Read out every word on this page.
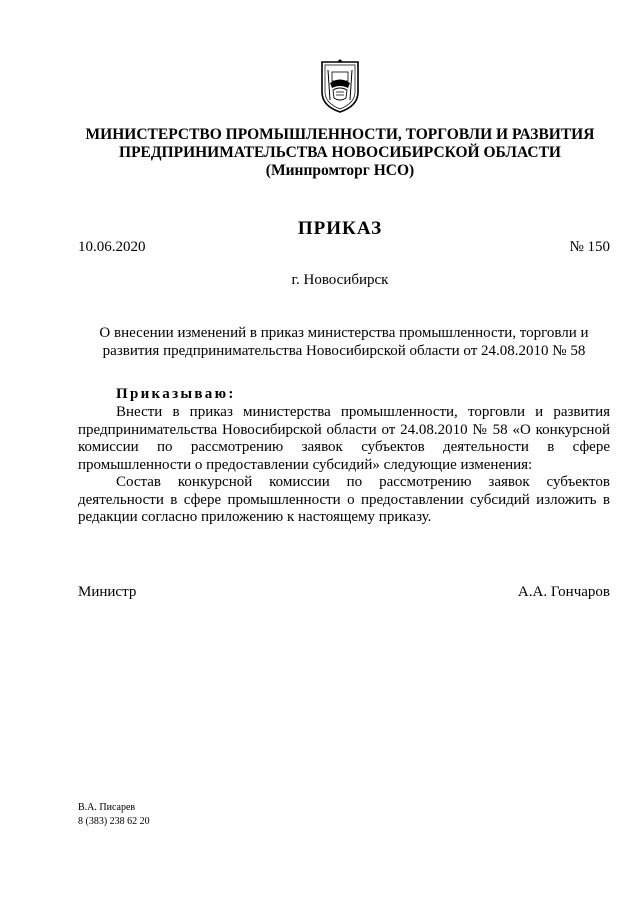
МИНИСТЕРСТВО ПРОМЫШЛЕННОСТИ, ТОРГОВЛИ И РАЗВИТИЯ
ПРЕДПРИНИМАТЕЛЬСТВА НОВОСИБИРСКОЙ ОБЛАСТИ
(Минпромторг НСО)
ПРИКАЗ
10.06.2020	№ 150
г. Новосибирск
О внесении изменений в приказ министерства промышленности, торговли и развития предпринимательства Новосибирской области от 24.08.2010 № 58
Приказываю:

Внести в приказ министерства промышленности, торговли и развития предпринимательства Новосибирской области от 24.08.2010 № 58 «О конкурсной комиссии по рассмотрению заявок субъектов деятельности в сфере промышленности о предоставлении субсидий» следующие изменения:

Состав конкурсной комиссии по рассмотрению заявок субъектов деятельности в сфере промышленности о предоставлении субсидий изложить в редакции согласно приложению к настоящему приказу.

Министр	А.А. Гончаров
В.А. Писарев
8 (383) 238 62 20
